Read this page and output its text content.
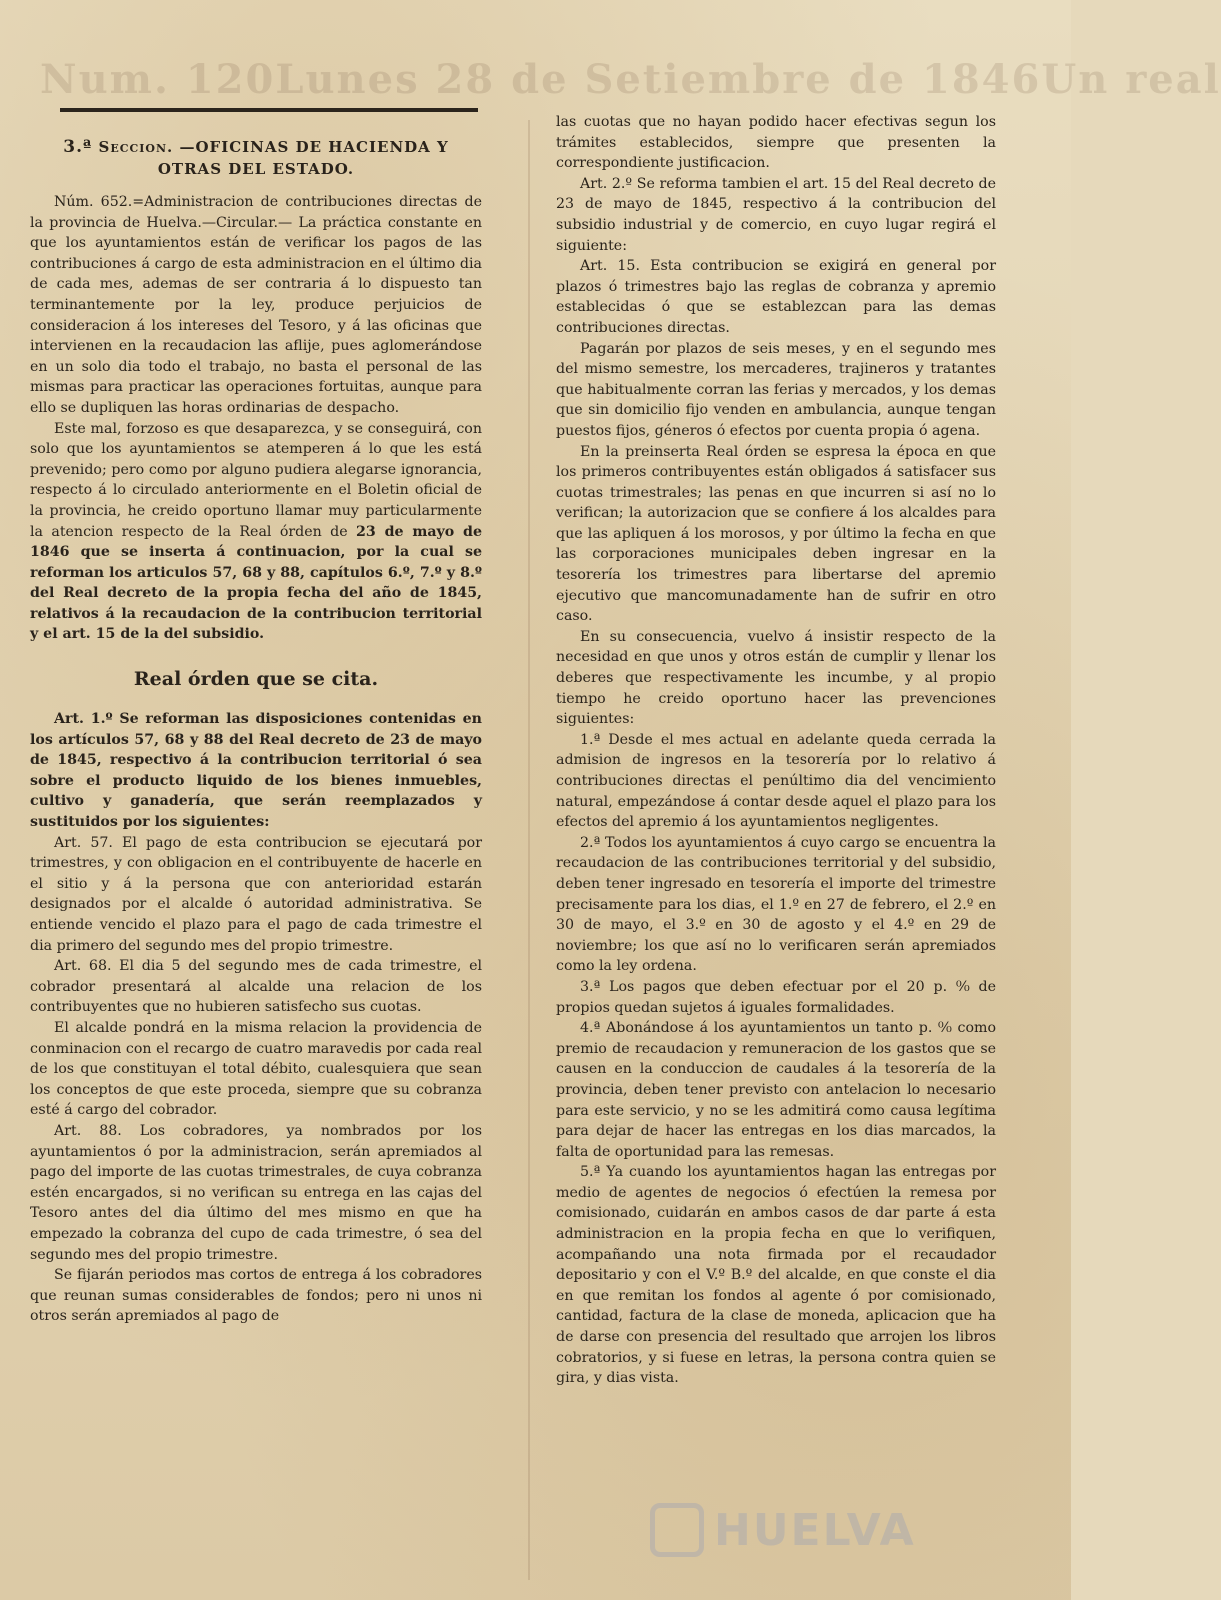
Num. 120 Lunes 28 de Setiembre de 1846 Un real
3.ª Seccion. —OFICINAS DE HACIENDA Y
OTRAS DEL ESTADO.

Núm. 652.=Administracion de contribuciones directas de la provincia de Huelva.—Circular.— La práctica constante en que los ayuntamientos están de verificar los pagos de las contribuciones á cargo de esta administracion en el último dia de cada mes, ademas de ser contraria á lo dispuesto tan terminantemente por la ley, produce perjuicios de consideracion á los intereses del Tesoro, y á las oficinas que intervienen en la recaudacion las aflije, pues aglomerándose en un solo dia todo el trabajo, no basta el personal de las mismas para practicar las operaciones fortuitas, aunque para ello se dupliquen las horas ordinarias de despacho.

Este mal, forzoso es que desaparezca, y se conseguirá, con solo que los ayuntamientos se atemperen á lo que les está prevenido; pero como por alguno pudiera alegarse ignorancia, respecto á lo circulado anteriormente en el Boletin oficial de la provincia, he creido oportuno llamar muy particularmente la atencion respecto de la Real órden de 23 de mayo de 1846 que se inserta á continuacion, por la cual se reforman los articulos 57, 68 y 88, capítulos 6.º, 7.º y 8.º del Real decreto de la propia fecha del año de 1845, relativos á la recaudacion de la contribucion territorial y el art. 15 de la del subsidio.

Real órden que se cita.

Art. 1.º Se reforman las disposiciones contenidas en los artículos 57, 68 y 88 del Real decreto de 23 de mayo de 1845, respectivo á la contribucion territorial ó sea sobre el producto liquido de los bienes inmuebles, cultivo y ganadería, que serán reemplazados y sustituidos por los siguientes:

Art. 57. El pago de esta contribucion se ejecutará por trimestres, y con obligacion en el contribuyente de hacerle en el sitio y á la persona que con anterioridad estarán designados por el alcalde ó autoridad administrativa. Se entiende vencido el plazo para el pago de cada trimestre el dia primero del segundo mes del propio trimestre.

Art. 68. El dia 5 del segundo mes de cada trimestre, el cobrador presentará al alcalde una relacion de los contribuyentes que no hubieren satisfecho sus cuotas.

El alcalde pondrá en la misma relacion la providencia de conminacion con el recargo de cuatro maravedis por cada real de los que constituyan el total débito, cualesquiera que sean los conceptos de que este proceda, siempre que su cobranza esté á cargo del cobrador.

Art. 88. Los cobradores, ya nombrados por los ayuntamientos ó por la administracion, serán apremiados al pago del importe de las cuotas trimestrales, de cuya cobranza estén encargados, si no verifican su entrega en las cajas del Tesoro antes del dia último del mes mismo en que ha empezado la cobranza del cupo de cada trimestre, ó sea del segundo mes del propio trimestre.

Se fijarán periodos mas cortos de entrega á los cobradores que reunan sumas considerables de fondos; pero ni unos ni otros serán apremiados al pago de

las cuotas que no hayan podido hacer efectivas segun los trámites establecidos, siempre que presenten la correspondiente justificacion.

Art. 2.º Se reforma tambien el art. 15 del Real decreto de 23 de mayo de 1845, respectivo á la contribucion del subsidio industrial y de comercio, en cuyo lugar regirá el siguiente:

Art. 15. Esta contribucion se exigirá en general por plazos ó trimestres bajo las reglas de cobranza y apremio establecidas ó que se establezcan para las demas contribuciones directas.

Pagarán por plazos de seis meses, y en el segundo mes del mismo semestre, los mercaderes, trajineros y tratantes que habitualmente corran las ferias y mercados, y los demas que sin domicilio fijo venden en ambulancia, aunque tengan puestos fijos, géneros ó efectos por cuenta propia ó agena.

En la preinserta Real órden se espresa la época en que los primeros contribuyentes están obligados á satisfacer sus cuotas trimestrales; las penas en que incurren si así no lo verifican; la autorizacion que se confiere á los alcaldes para que las apliquen á los morosos, y por último la fecha en que las corporaciones municipales deben ingresar en la tesorería los trimestres para libertarse del apremio ejecutivo que mancomunadamente han de sufrir en otro caso.

En su consecuencia, vuelvo á insistir respecto de la necesidad en que unos y otros están de cumplir y llenar los deberes que respectivamente les incumbe, y al propio tiempo he creido oportuno hacer las prevenciones siguientes:

1.ª Desde el mes actual en adelante queda cerrada la admision de ingresos en la tesorería por lo relativo á contribuciones directas el penúltimo dia del vencimiento natural, empezándose á contar desde aquel el plazo para los efectos del apremio á los ayuntamientos negligentes.

2.ª Todos los ayuntamientos á cuyo cargo se encuentra la recaudacion de las contribuciones territorial y del subsidio, deben tener ingresado en tesorería el importe del trimestre precisamente para los dias, el 1.º en 27 de febrero, el 2.º en 30 de mayo, el 3.º en 30 de agosto y el 4.º en 29 de noviembre; los que así no lo verificaren serán apremiados como la ley ordena.

3.ª Los pagos que deben efectuar por el 20 p. ⁰⁄₀ de propios quedan sujetos á iguales formalidades.

4.ª Abonándose á los ayuntamientos un tanto p. ⁰⁄₀ como premio de recaudacion y remuneracion de los gastos que se causen en la conduccion de caudales á la tesorería de la provincia, deben tener previsto con antelacion lo necesario para este servicio, y no se les admitirá como causa legítima para dejar de hacer las entregas en los dias marcados, la falta de oportunidad para las remesas.

5.ª Ya cuando los ayuntamientos hagan las entregas por medio de agentes de negocios ó efectúen la remesa por comisionado, cuidarán en ambos casos de dar parte á esta administracion en la propia fecha en que lo verifiquen, acompañando una nota firmada por el recaudador depositario y con el V.º B.º del alcalde, en que conste el dia en que remitan los fondos al agente ó por comisionado, cantidad, factura de la clase de moneda, aplicacion que ha de darse con presencia del resultado que arrojen los libros cobratorios, y si fuese en letras, la persona contra quien se gira, y dias vista.

HUELVA
